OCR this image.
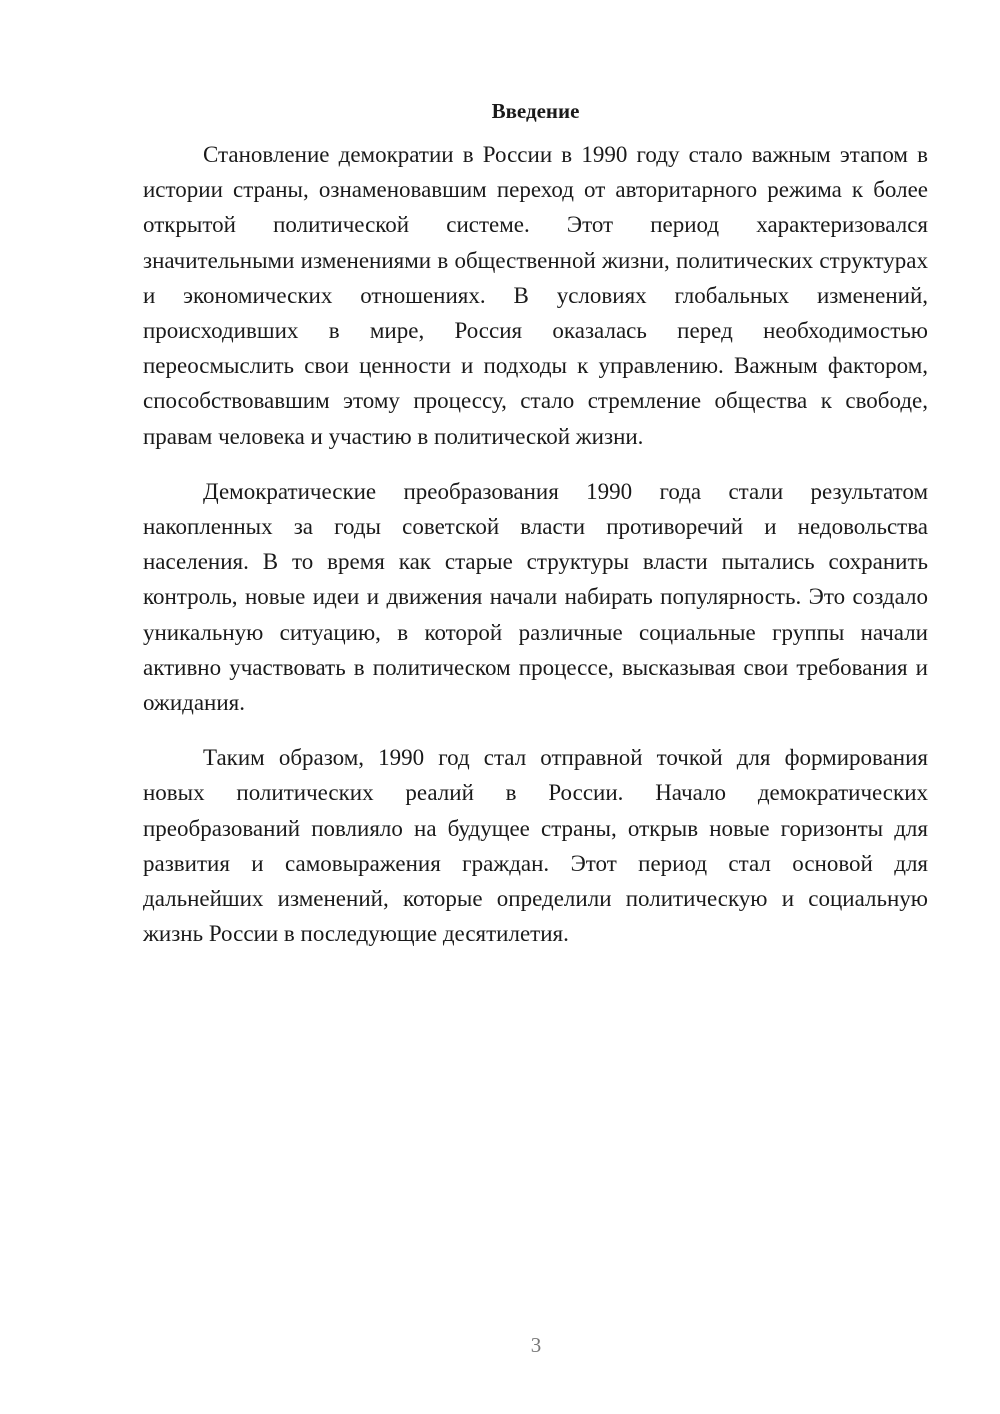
Введение

Становление демократии в России в 1990 году стало важным этапом в истории страны, ознаменовавшим переход от авторитарного режима к более открытой политической системе. Этот период характеризовался значительными изменениями в общественной жизни, политических структурах и экономических отношениях. В условиях глобальных изменений, происходивших в мире, Россия оказалась перед необходимостью переосмыслить свои ценности и подходы к управлению. Важным фактором, способствовавшим этому процессу, стало стремление общества к свободе, правам человека и участию в политической жизни.

Демократические преобразования 1990 года стали результатом накопленных за годы советской власти противоречий и недовольства населения. В то время как старые структуры власти пытались сохранить контроль, новые идеи и движения начали набирать популярность. Это создало уникальную ситуацию, в которой различные социальные группы начали активно участвовать в политическом процессе, высказывая свои требования и ожидания.

Таким образом, 1990 год стал отправной точкой для формирования новых политических реалий в России. Начало демократических преобразований повлияло на будущее страны, открыв новые горизонты для развития и самовыражения граждан. Этот период стал основой для дальнейших изменений, которые определили политическую и социальную жизнь России в последующие десятилетия.

3
